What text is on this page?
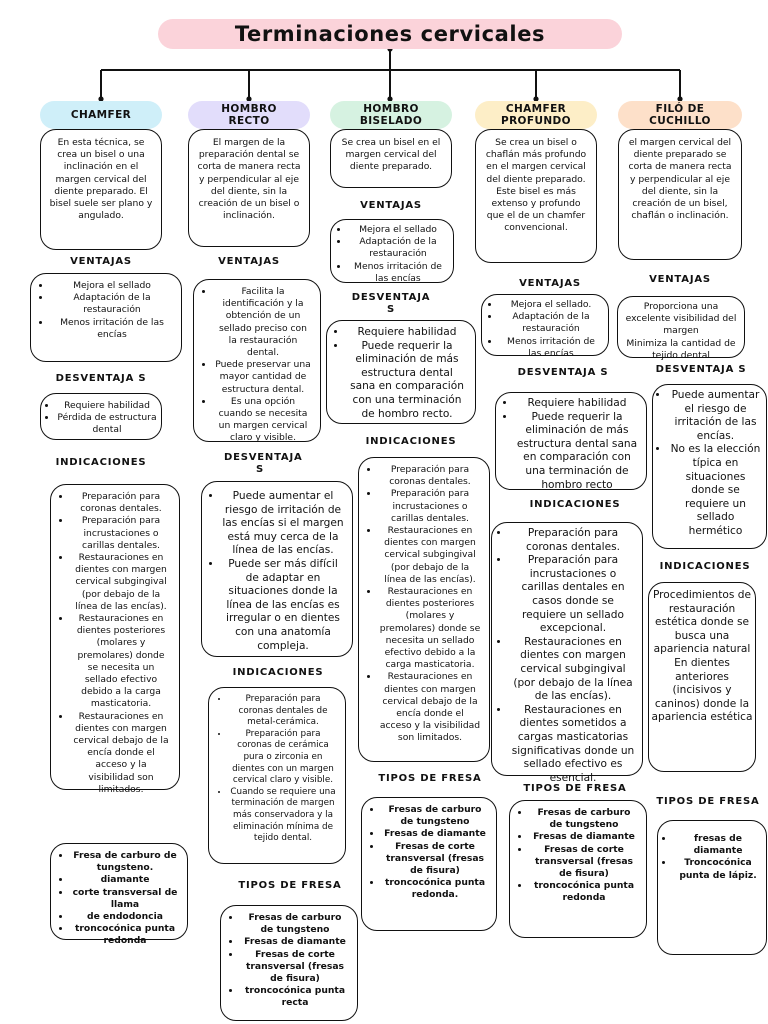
Terminaciones cervicales
CHAMFER
En esta técnica, se crea un bisel o una inclinación en el margen cervical del diente preparado. El bisel suele ser plano y angulado.
VENTAJAS
• Mejora el sellado
• Adaptación de la restauración
• Menos irritación de las encías
DESVENTAJA S
• Requiere habilidad
• Pérdida de estructura dental
INDICACIONES
• Preparación para coronas dentales.
• Preparación para incrustaciones o carillas dentales.
• Restauraciones en dientes con margen cervical subgingival (por debajo de la línea de las encías).
• Restauraciones en dientes posteriores (molares y premolares) donde se necesita un sellado efectivo debido a la carga masticatoria.
• Restauraciones en dientes con margen cervical debajo de la encía donde el acceso y la visibilidad son limitados.
• Fresa de carburo de tungsteno.
• diamante
• corte transversal de llama
• de endodoncia
• troncocónica punta redonda
HOMBRO RECTO
El margen de la preparación dental se corta de manera recta y perpendicular al eje del diente, sin la creación de un bisel o inclinación.
VENTAJAS
• Facilita la identificación y la obtención de un sellado preciso con la restauración dental.
• Puede preservar una mayor cantidad de estructura dental.
• Es una opción cuando se necesita un margen cervical claro y visible.
DESVENTAJA S
• Puede aumentar el riesgo de irritación de las encías si el margen está muy cerca de la línea de las encías.
• Puede ser más difícil de adaptar en situaciones donde la línea de las encías es irregular o en dientes con una anatomía compleja.
INDICACIONES
• Preparación para coronas dentales de metal-cerámica.
• Preparación para coronas de cerámica pura o zirconia en dientes con un margen cervical claro y visible.
• Cuando se requiere una terminación de margen más conservadora y la eliminación mínima de tejido dental.
TIPOS DE FRESA
• Fresas de carburo de tungsteno
• Fresas de diamante
• Fresas de corte transversal (fresas de fisura)
• troncocónica punta recta
HOMBRO BISELADO
Se crea un bisel en el margen cervical del diente preparado.
VENTAJAS
• Mejora el sellado
• Adaptación de la restauración
• Menos irritación de las encías
DESVENTAJA S
• Requiere habilidad
• Puede requerir la eliminación de más estructura dental sana en comparación con una terminación de hombro recto.
INDICACIONES
• Preparación para coronas dentales.
• Preparación para incrustaciones o carillas dentales.
• Restauraciones en dientes con margen cervical subgingival (por debajo de la línea de las encías).
• Restauraciones en dientes posteriores (molares y premolares) donde se necesita un sellado efectivo debido a la carga masticatoria.
• Restauraciones en dientes con margen cervical debajo de la encía donde el acceso y la visibilidad son limitados.
TIPOS DE FRESA
• Fresas de carburo de tungsteno
• Fresas de diamante
• Fresas de corte transversal (fresas de fisura)
• troncocónica punta redonda.
CHAMFER PROFUNDO
Se crea un bisel o chaflán más profundo en el margen cervical del diente preparado. Este bisel es más extenso y profundo que el de un chamfer convencional.
VENTAJAS
• Mejora el sellado.
• Adaptación de la restauración
• Menos irritación de las encías
DESVENTAJA S
• Requiere habilidad
• Puede requerir la eliminación de más estructura dental sana en comparación con una terminación de hombro recto
INDICACIONES
• Preparación para coronas dentales.
• Preparación para incrustaciones o carillas dentales en casos donde se requiere un sellado excepcional.
• Restauraciones en dientes con margen cervical subgingival (por debajo de la línea de las encías).
• Restauraciones en dientes sometidos a cargas masticatorias significativas donde un sellado efectivo es esencial.
TIPOS DE FRESA
• Fresas de carburo de tungsteno
• Fresas de diamante
• Fresas de corte transversal (fresas de fisura)
• troncocónica punta redonda
FILÓ DE CUCHILLO
el margen cervical del diente preparado se corta de manera recta y perpendicular al eje del diente, sin la creación de un bisel, chaflán o inclinación.
VENTAJAS
Proporciona una excelente visibilidad del margen
Minimiza la cantidad de tejido dental
DESVENTAJA S
• Puede aumentar el riesgo de irritación de las encías.
• No es la elección típica en situaciones donde se requiere un sellado hermético
INDICACIONES
Procedimientos de restauración estética donde se busca una apariencia natural
En dientes anteriores (incisivos y caninos) donde la apariencia estética
TIPOS DE FRESA
• fresas de diamante
• Troncocónica punta de lápiz.
